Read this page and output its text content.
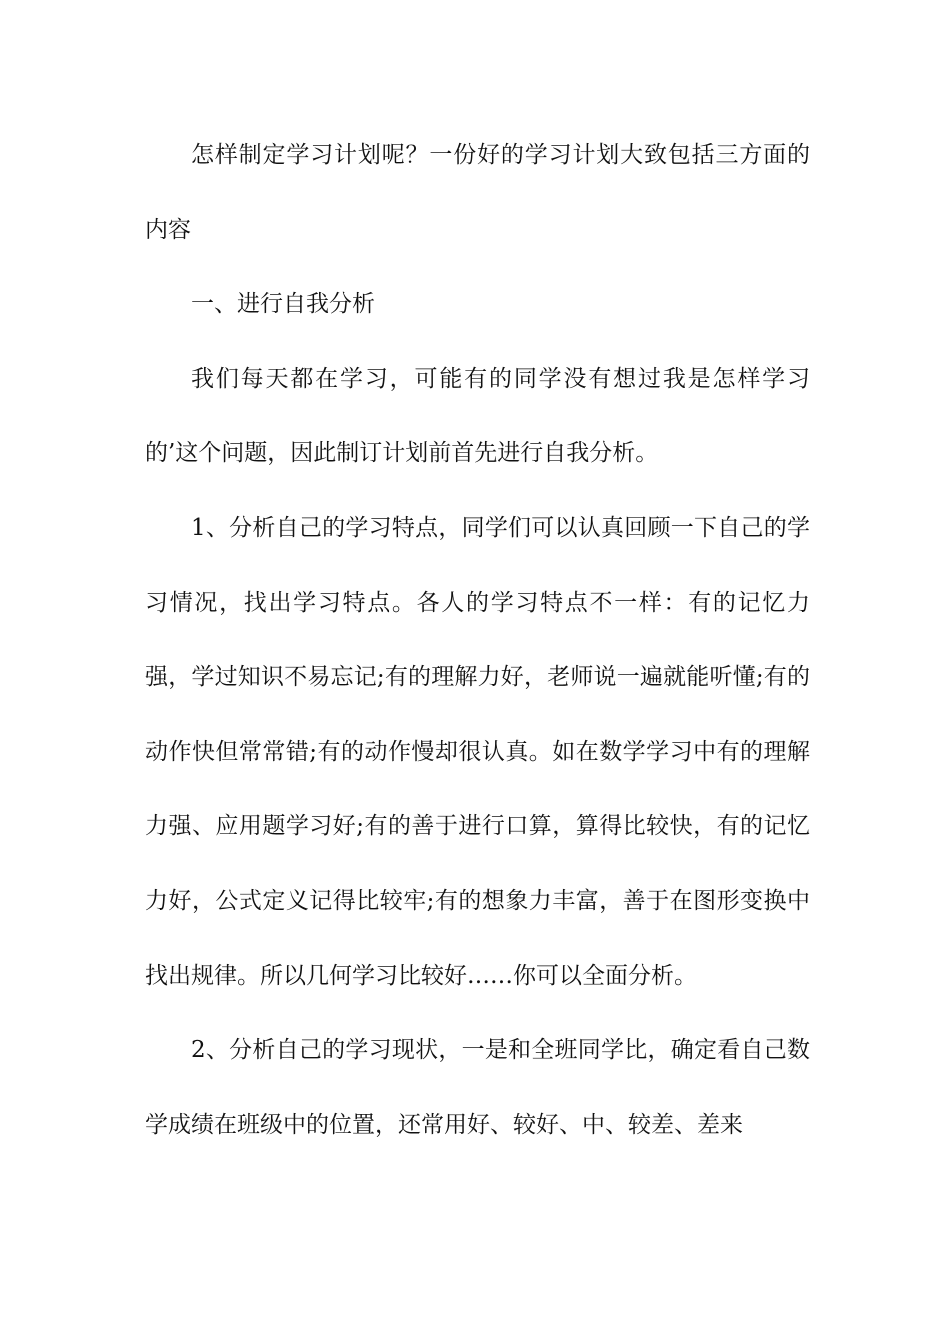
怎样制定学习计划呢？一份好的学习计划大致包括三方面的内容

一、进行自我分析

我们每天都在学习，可能有的同学没有想过我是怎样学习的’这个问题，因此制订计划前首先进行自我分析。

1、分析自己的学习特点，同学们可以认真回顾一下自己的学习情况，找出学习特点。各人的学习特点不一样：有的记忆力强，学过知识不易忘记;有的理解力好，老师说一遍就能听懂;有的动作快但常常错;有的动作慢却很认真。如在数学学习中有的理解力强、应用题学习好;有的善于进行口算，算得比较快，有的记忆力好，公式定义记得比较牢;有的想象力丰富，善于在图形变换中找出规律。所以几何学习比较好……你可以全面分析。

2、分析自己的学习现状，一是和全班同学比，确定看自己数学成绩在班级中的位置，还常用好、较好、中、较差、差来
